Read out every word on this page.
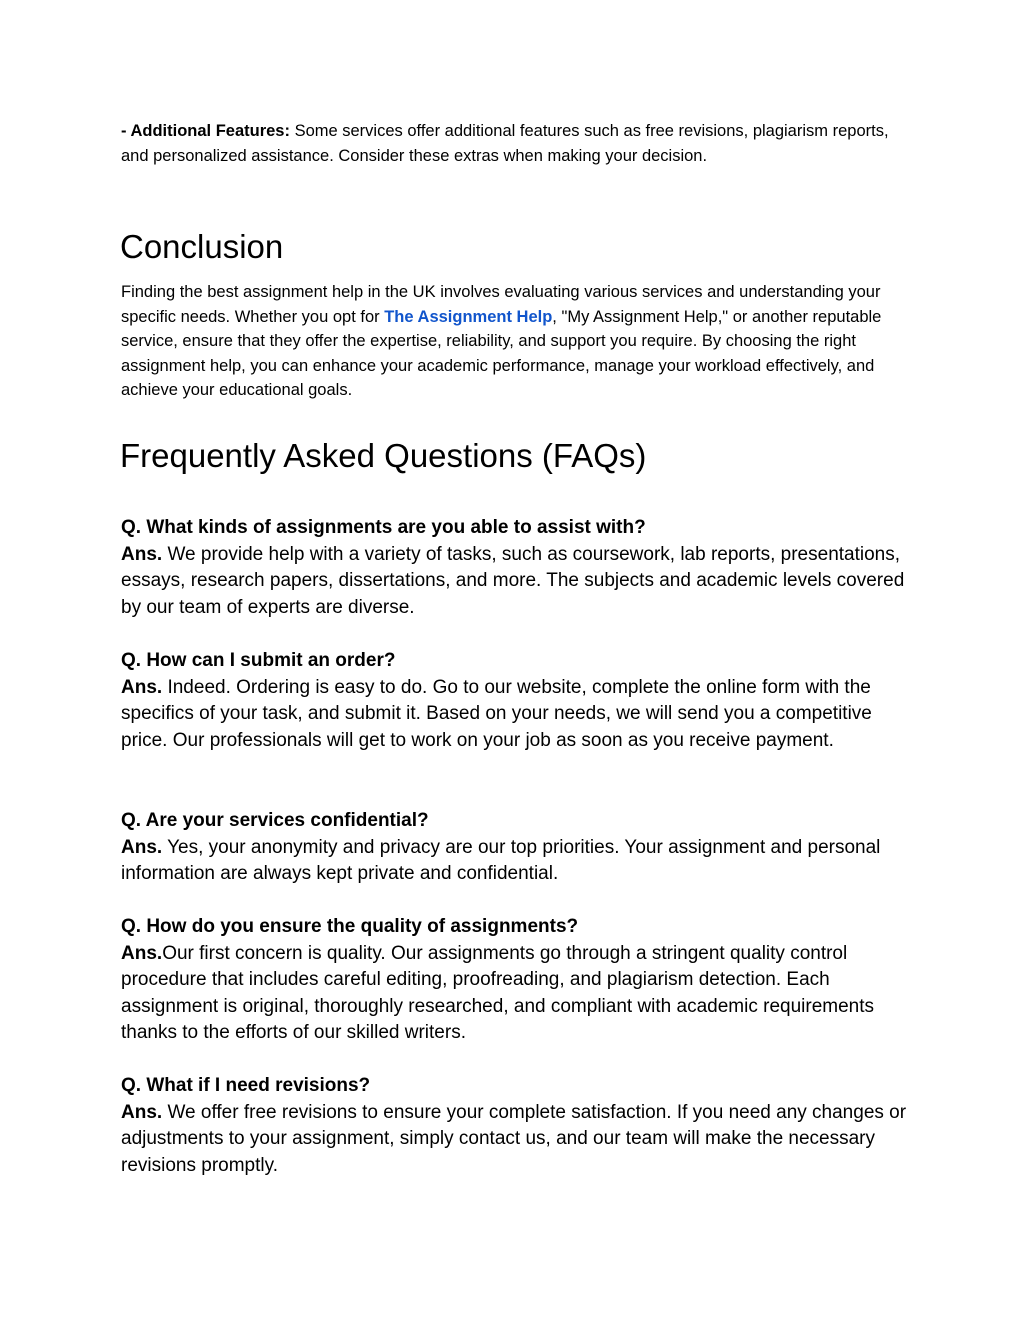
- Additional Features: Some services offer additional features such as free revisions, plagiarism reports, and personalized assistance. Consider these extras when making your decision.

Conclusion

Finding the best assignment help in the UK involves evaluating various services and understanding your specific needs. Whether you opt for The Assignment Help, "My Assignment Help," or another reputable service, ensure that they offer the expertise, reliability, and support you require. By choosing the right assignment help, you can enhance your academic performance, manage your workload effectively, and achieve your educational goals.

Frequently Asked Questions (FAQs)
Q. What kinds of assignments are you able to assist with?
Ans. We provide help with a variety of tasks, such as coursework, lab reports, presentations, essays, research papers, dissertations, and more. The subjects and academic levels covered by our team of experts are diverse.
Q. How can I submit an order?
Ans. Indeed. Ordering is easy to do. Go to our website, complete the online form with the specifics of your task, and submit it. Based on your needs, we will send you a competitive price. Our professionals will get to work on your job as soon as you receive payment.
Q. Are your services confidential?
Ans. Yes, your anonymity and privacy are our top priorities. Your assignment and personal information are always kept private and confidential.
Q. How do you ensure the quality of assignments?
Ans.Our first concern is quality. Our assignments go through a stringent quality control procedure that includes careful editing, proofreading, and plagiarism detection. Each assignment is original, thoroughly researched, and compliant with academic requirements thanks to the efforts of our skilled writers.
Q. What if I need revisions?
Ans. We offer free revisions to ensure your complete satisfaction. If you need any changes or adjustments to your assignment, simply contact us, and our team will make the necessary revisions promptly.
